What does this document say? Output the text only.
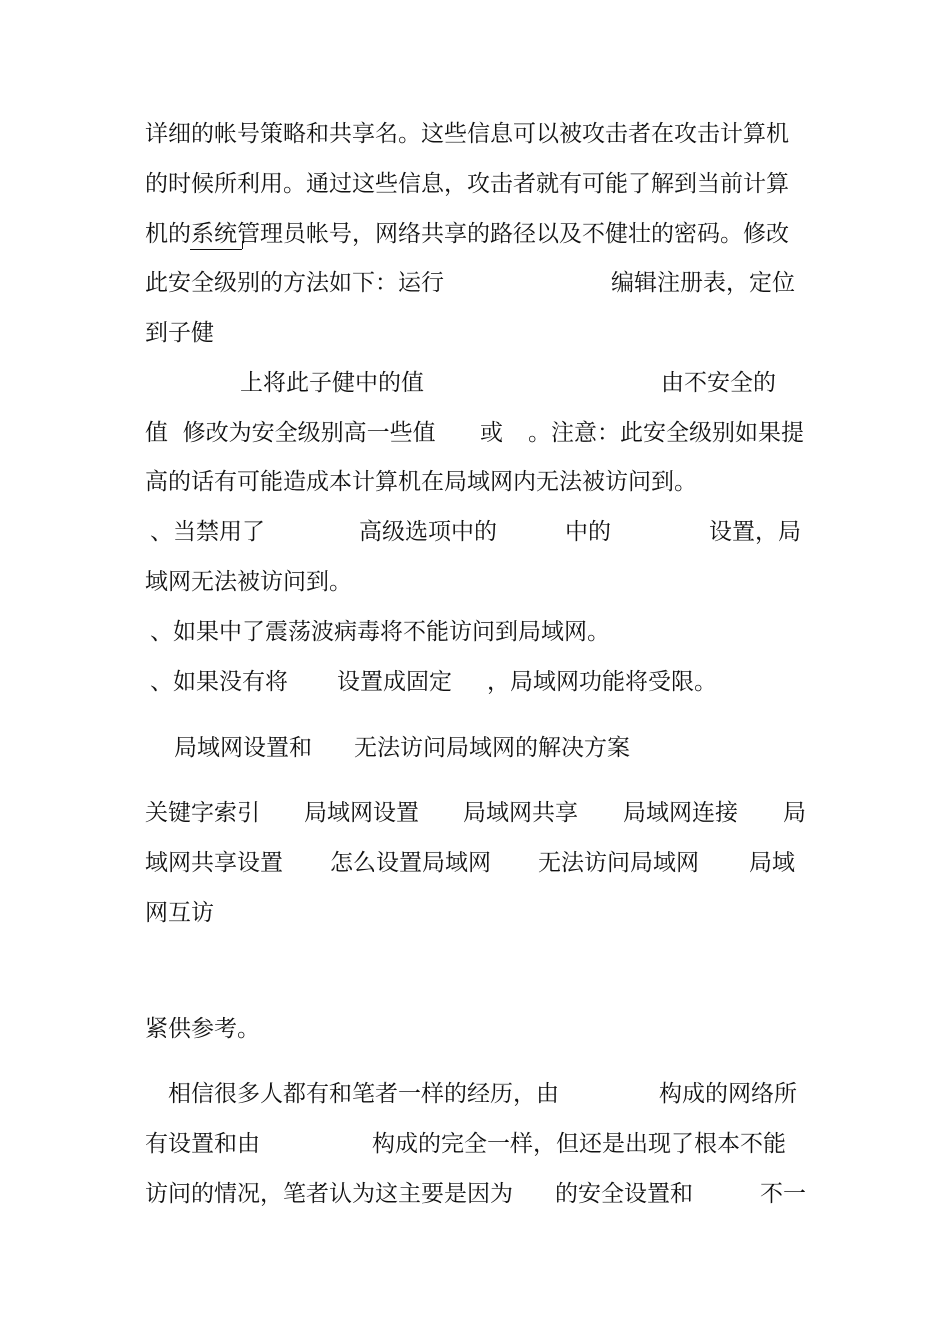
详细的帐号策略和共享名。这些信息可以被攻击者在攻击计算机
的时候所利用。通过这些信息，攻击者就有可能了解到当前计算
机的系统管理员帐号，网络共享的路径以及不健壮的密码。修改
此安全级别的方法如下：运行	编辑注册表，定位
到子健
上将此子健中的值	由不安全的
值  修改为安全级别高一些值 或 。注意：此安全级别如果提
高的话有可能造成本计算机在局域网内无法被访问到。
、当禁用了	高级选项中的	中的	设置，局
域网无法被访问到。
、如果中了震荡波病毒将不能访问到局域网。
、如果没有将 设置成固定 ，局域网功能将受限。
局域网设置和 无法访问局域网的解决方案
关键字索引 局域网设置 局域网共享 局域网连接 局
域网共享设置 怎么设置局域网 无法访问局域网 局域
网互访
紧供参考。
相信很多人都有和笔者一样的经历，由	构成的网络所
有设置和由	构成的完全一样，但还是出现了根本不能
访问的情况，笔者认为这主要是因为 的安全设置和	不一
